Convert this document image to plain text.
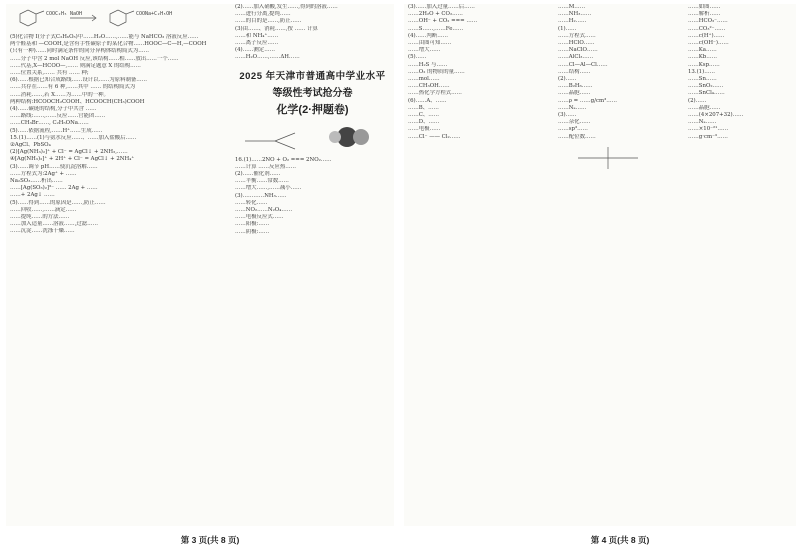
COOC₂H₅ NaOH	COONa+C₂H₅OH
(5)化合物 I(分子式C₃H₆O₃)中……H₂O……,……能与 NaHCO₃ 溶液反应……
两个醛基和 —COOH,是含有手性碳原子的某化合物……HOOC—C—H,—COOH
(只有一种)……同时满足条件的同分异构体结构简式为……
……分子中含 2 mol NaOH 反应,该结构……相……放出……一个……
……代基,X—HCOO—,…… 则满足题意 X 的结构……
……位置关系,…… 共有 …… 种;
(6)……根据已知合成路线……设计以……为原料制备……
……共存在……有 6 种,……其中 …… 的结构简式为
……消耗……,若 X……为……中的一种。
两种结构:HCOOCH₂COOH、HCOOCH(CH₃)COOH
(4)……碳链的结构,分子中共含 ……
……路线:……,……反应……官能团……
……CH₃Br……, C₂H₅ONa……
(5)……依据流程,……H⁺……生成……
15.(1)……(1)与氨水反应……、……加入盐酸后……
②AgCl、PbSO₄
(2)[Ag(NH₃)₂]⁺ + Cl⁻ = AgCl↓ + 2NH₃,……
④[Ag(NH₃)₂]⁺ + 2H⁺ + Cl⁻ = AgCl↓ + 2NH₄⁺
(3)……调节 pH……使沉淀溶解……
……方程式为:2Ag⁺ + ……
Na₂SO₃……析出……
……[Ag(SO₃)₂]³⁻ …… 2Ag + ……
……+ 2Ag↓ ……
(5)……得到……的原因是……,防止……
……回收……,……滴定……
……提纯……的方法……
……加入适量……溶液……,过滤……
……沉淀……洗涤干燥……
(2)……加入硝酸,发生……,得到的溶液……
……进行分离,提纯……
……的目的是……,防止……
(3)由……、消耗……,按 …… 计算
……和 NH₄⁺……
……离子反应……
(4)……测定……
……H₂O……,……ΔH……
2025 年天津市普通高中学业水平
等级性考试抢分卷
化学(2·押题卷)
16.(1)……2NO + O₂ === 2NO₂……
……计算 ……反应热……
(2)……催化剂……
……平衡……常数……
……增大……,……减小……
(3)…………NH₃……
……转化……
……NO₂……N₂O₄……
……电极反应式……
……阳极:……
……阴极:……
(3)……加入过量……后……
……2H₂O + CO₂……
……OH⁻ + CO₂ === ……
……S……,……Fe……
(4)……判断……
……由图可知……
……增大……
(5)……
……H₂S 与……
……O₂ 的物质的量……
……mol……
……CH₃OH……
……热化学方程式……
(6)……A、……
……B、……
……C、……
……D、……
……电极……
……Cl⁻ —— Cl₂……
……M……
……NH₃……
……H₂……
(1)……
……方程式……
……HClO……
……NaClO……
……AlCl₃……
……Cl—Al—Cl……
……结构……
(2)……
……B₂H₆……
……晶胞……
……ρ = ……g/cm³……
……Nₐ……
(3)……
……杂化……
……sp³……
……配位数……
……如图……
……解析……
……HCO₃⁻……
……CO₃²⁻……
……c(H⁺)……
……c(OH⁻)……
……Ka……
……Kb……
……Ksp……
13.(1)……
……Sn……
……SnO₂……
……SnCl₄……
(2)……
……晶胞……
……(4×207+32)……
……Nₐ……
……×10⁻²¹……
……g·cm⁻³……
第 3 页(共 8 页)	第 4 页(共 8 页)
